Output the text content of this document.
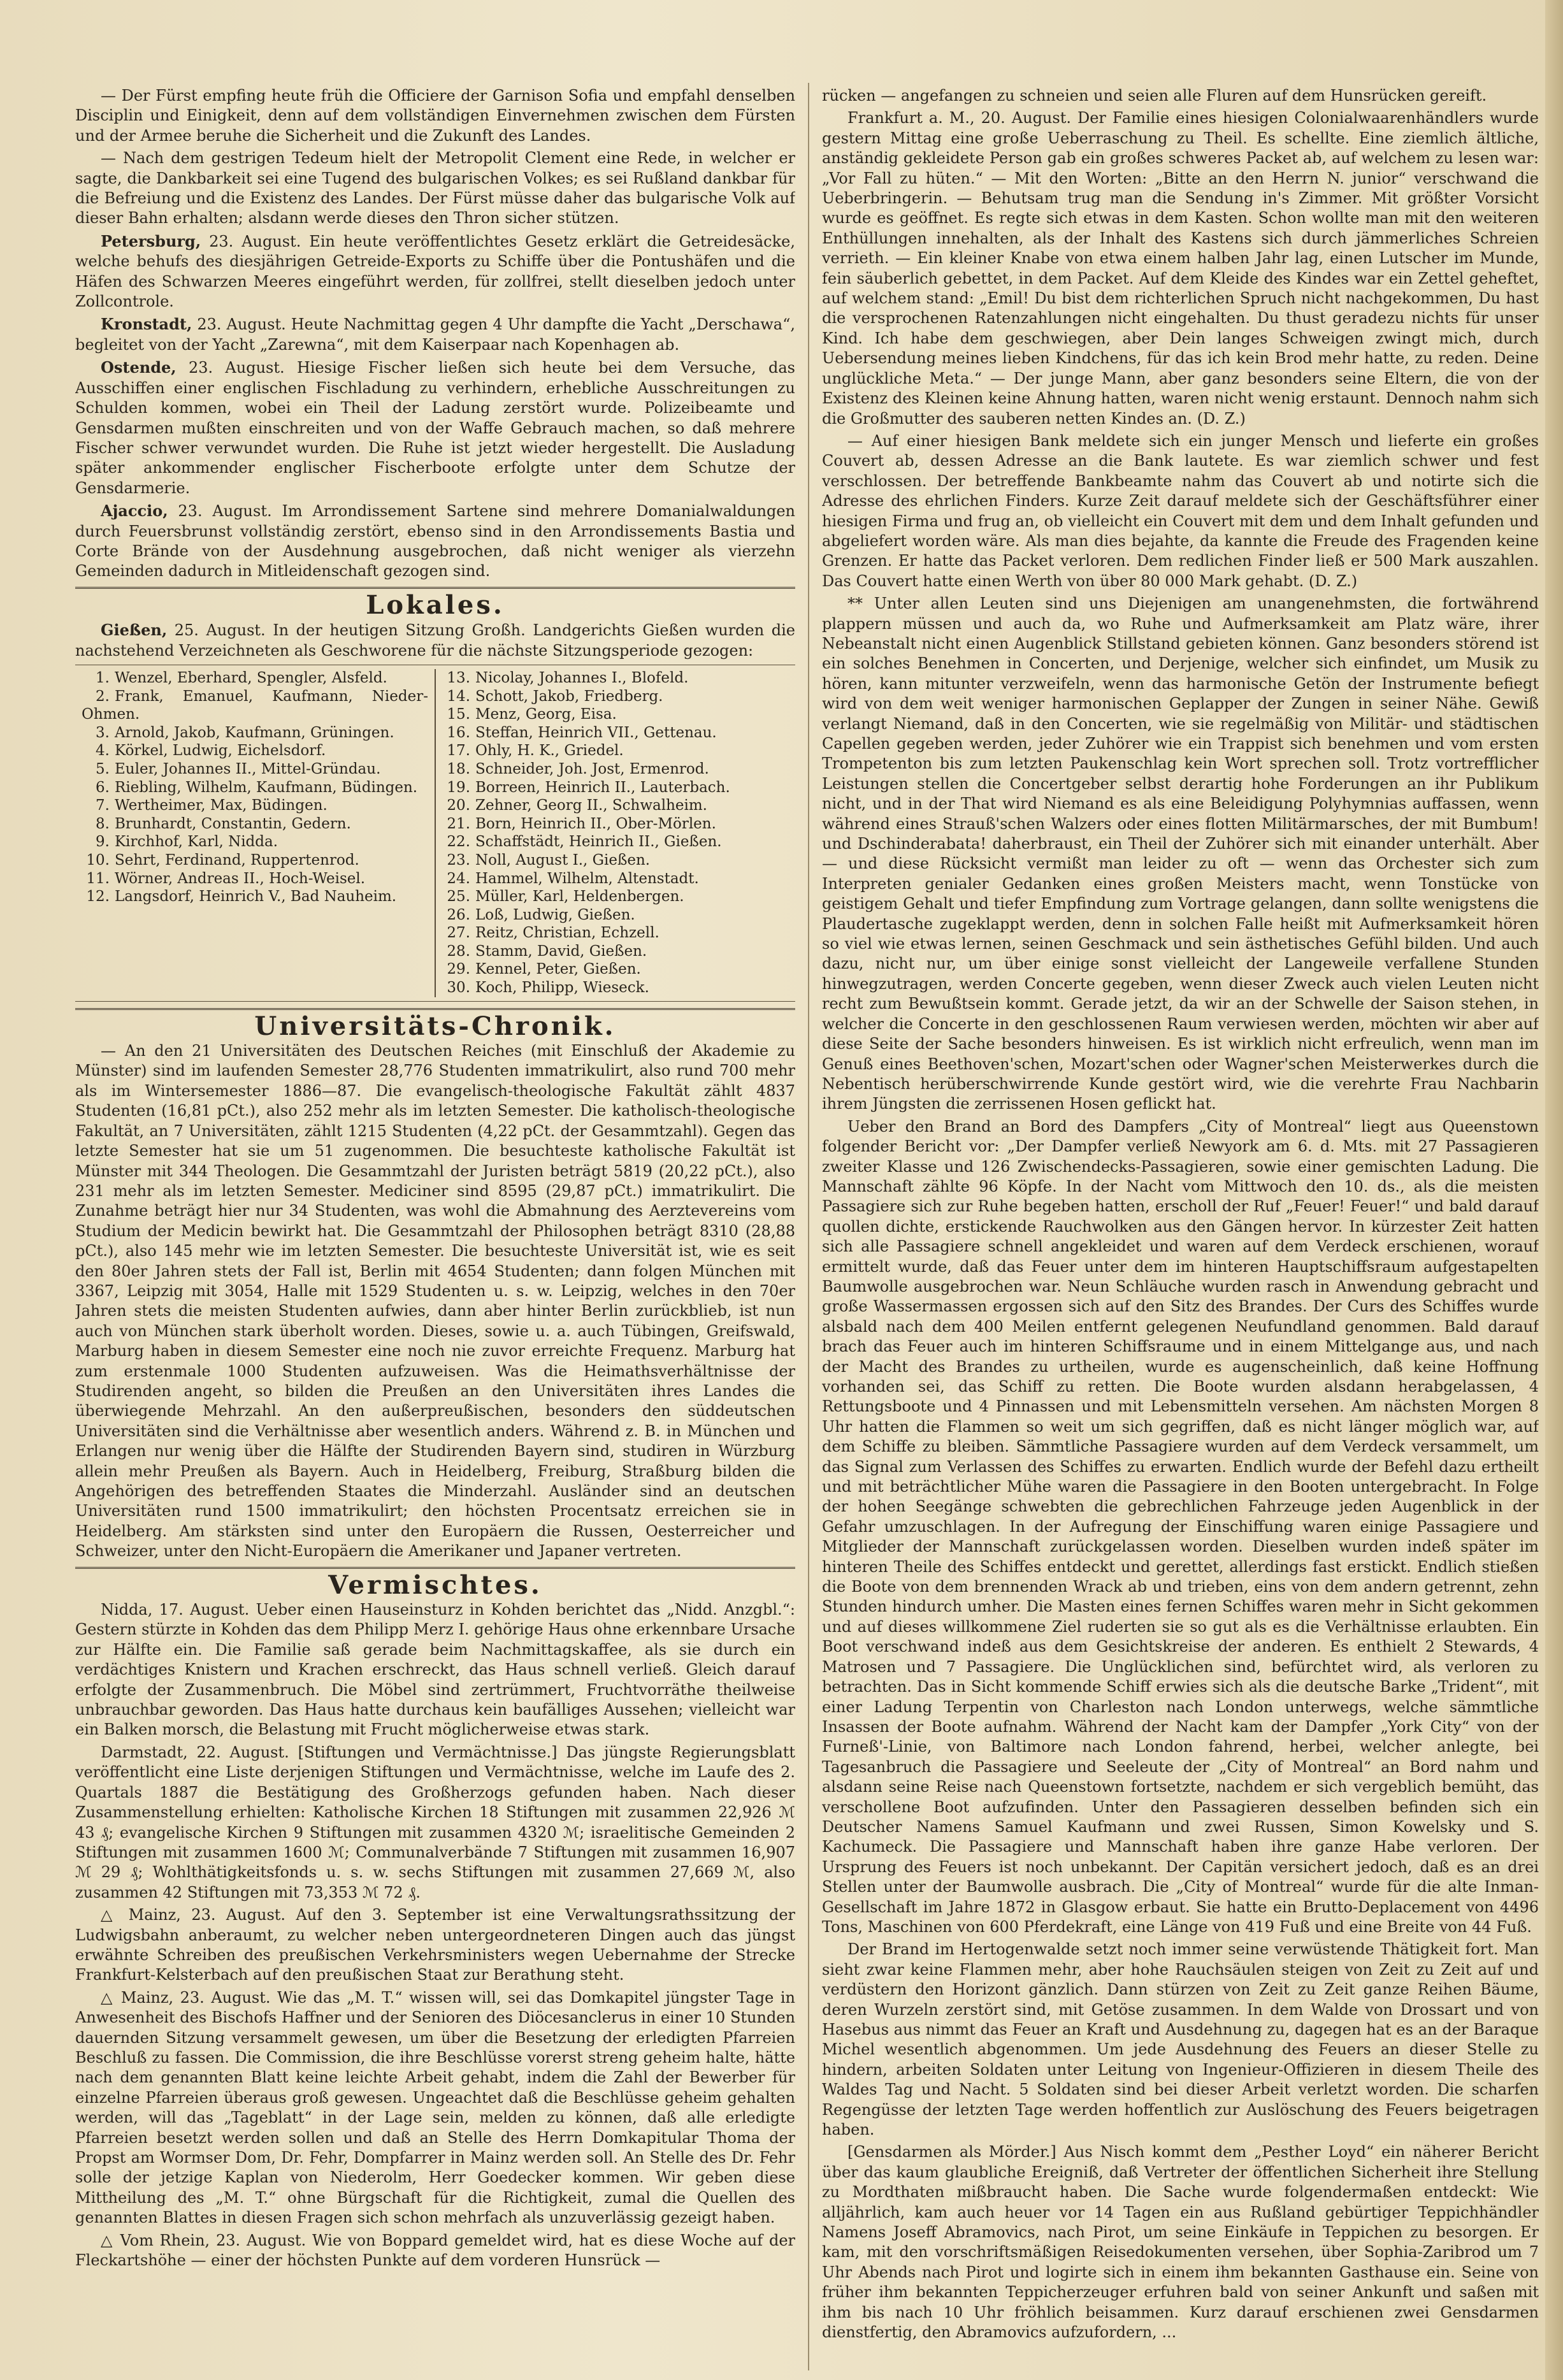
— Der Fürst empfing heute früh die Officiere der Garnison Sofia und empfahl denselben Disciplin und Einigkeit, denn auf dem vollständigen Einvernehmen zwischen dem Fürsten und der Armee beruhe die Sicherheit und die Zukunft des Landes.

— Nach dem gestrigen Tedeum hielt der Metropolit Clement eine Rede, in welcher er sagte, die Dankbarkeit sei eine Tugend des bulgarischen Volkes; es sei Rußland dankbar für die Befreiung und die Existenz des Landes. Der Fürst müsse daher das bulgarische Volk auf dieser Bahn erhalten; alsdann werde dieses den Thron sicher stützen.

Petersburg, 23. August. Ein heute veröffentlichtes Gesetz erklärt die Getreidesäcke, welche behufs des diesjährigen Getreide-Exports zu Schiffe über die Pontushäfen und die Häfen des Schwarzen Meeres eingeführt werden, für zollfrei, stellt dieselben jedoch unter Zollcontrole.

Kronstadt, 23. August. Heute Nachmittag gegen 4 Uhr dampfte die Yacht „Derschawa“, begleitet von der Yacht „Zarewna“, mit dem Kaiserpaar nach Kopenhagen ab.

Ostende, 23. August. Hiesige Fischer ließen sich heute bei dem Versuche, das Ausschiffen einer englischen Fischladung zu verhindern, erhebliche Ausschreitungen zu Schulden kommen, wobei ein Theil der Ladung zerstört wurde. Polizeibeamte und Gensdarmen mußten einschreiten und von der Waffe Gebrauch machen, so daß mehrere Fischer schwer verwundet wurden. Die Ruhe ist jetzt wieder hergestellt. Die Ausladung später ankommender englischer Fischerboote erfolgte unter dem Schutze der Gensdarmerie.

Ajaccio, 23. August. Im Arrondissement Sartene sind mehrere Domanialwaldungen durch Feuersbrunst vollständig zerstört, ebenso sind in den Arrondissements Bastia und Corte Brände von der Ausdehnung ausgebrochen, daß nicht weniger als vierzehn Gemeinden dadurch in Mitleidenschaft gezogen sind.

Lokales.

Gießen, 25. August. In der heutigen Sitzung Großh. Landgerichts Gießen wurden die nachstehend Verzeichneten als Geschworene für die nächste Sitzungsperiode gezogen:

1. Wenzel, Eberhard, Spengler, Alsfeld.
2. Frank, Emanuel, Kaufmann, Nieder-Ohmen.
3. Arnold, Jakob, Kaufmann, Grüningen.
4. Körkel, Ludwig, Eichelsdorf.
5. Euler, Johannes II., Mittel-Gründau.
6. Riebling, Wilhelm, Kaufmann, Büdingen.
7. Wertheimer, Max, Büdingen.
8. Brunhardt, Constantin, Gedern.
9. Kirchhof, Karl, Nidda.
10. Sehrt, Ferdinand, Ruppertenrod.
11. Wörner, Andreas II., Hoch-Weisel.
12. Langsdorf, Heinrich V., Bad Nauheim.
13. Nicolay, Johannes I., Blofeld.
14. Schott, Jakob, Friedberg.
15. Menz, Georg, Eisa.
16. Steffan, Heinrich VII., Gettenau.
17. Ohly, H. K., Griedel.
18. Schneider, Joh. Jost, Ermenrod.
19. Borreen, Heinrich II., Lauterbach.
20. Zehner, Georg II., Schwalheim.
21. Born, Heinrich II., Ober-Mörlen.
22. Schaffstädt, Heinrich II., Gießen.
23. Noll, August I., Gießen.
24. Hammel, Wilhelm, Altenstadt.
25. Müller, Karl, Heldenbergen.
26. Loß, Ludwig, Gießen.
27. Reitz, Christian, Echzell.
28. Stamm, David, Gießen.
29. Kennel, Peter, Gießen.
30. Koch, Philipp, Wieseck.
Universitäts-Chronik.

— An den 21 Universitäten des Deutschen Reiches (mit Einschluß der Akademie zu Münster) sind im laufenden Semester 28,776 Studenten immatrikulirt, also rund 700 mehr als im Wintersemester 1886—87. Die evangelisch-theologische Fakultät zählt 4837 Studenten (16,81 pCt.), also 252 mehr als im letzten Semester. Die katholisch-theologische Fakultät, an 7 Universitäten, zählt 1215 Studenten (4,22 pCt. der Gesammtzahl). Gegen das letzte Semester hat sie um 51 zugenommen. Die besuchteste katholische Fakultät ist Münster mit 344 Theologen. Die Gesammtzahl der Juristen beträgt 5819 (20,22 pCt.), also 231 mehr als im letzten Semester. Mediciner sind 8595 (29,87 pCt.) immatrikulirt. Die Zunahme beträgt hier nur 34 Studenten, was wohl die Abmahnung des Aerztevereins vom Studium der Medicin bewirkt hat. Die Gesammtzahl der Philosophen beträgt 8310 (28,88 pCt.), also 145 mehr wie im letzten Semester. Die besuchteste Universität ist, wie es seit den 80er Jahren stets der Fall ist, Berlin mit 4654 Studenten; dann folgen München mit 3367, Leipzig mit 3054, Halle mit 1529 Studenten u. s. w. Leipzig, welches in den 70er Jahren stets die meisten Studenten aufwies, dann aber hinter Berlin zurückblieb, ist nun auch von München stark überholt worden. Dieses, sowie u. a. auch Tübingen, Greifswald, Marburg haben in diesem Semester eine noch nie zuvor erreichte Frequenz. Marburg hat zum erstenmale 1000 Studenten aufzuweisen. Was die Heimathsverhältnisse der Studirenden angeht, so bilden die Preußen an den Universitäten ihres Landes die überwiegende Mehrzahl. An den außerpreußischen, besonders den süddeutschen Universitäten sind die Verhältnisse aber wesentlich anders. Während z. B. in München und Erlangen nur wenig über die Hälfte der Studirenden Bayern sind, studiren in Würzburg allein mehr Preußen als Bayern. Auch in Heidelberg, Freiburg, Straßburg bilden die Angehörigen des betreffenden Staates die Minderzahl. Ausländer sind an deutschen Universitäten rund 1500 immatrikulirt; den höchsten Procentsatz erreichen sie in Heidelberg. Am stärksten sind unter den Europäern die Russen, Oesterreicher und Schweizer, unter den Nicht-Europäern die Amerikaner und Japaner vertreten.

Vermischtes.

Nidda, 17. August. Ueber einen Hauseinsturz in Kohden berichtet das „Nidd. Anzgbl.“: Gestern stürzte in Kohden das dem Philipp Merz I. gehörige Haus ohne erkennbare Ursache zur Hälfte ein. Die Familie saß gerade beim Nachmittagskaffee, als sie durch ein verdächtiges Knistern und Krachen erschreckt, das Haus schnell verließ. Gleich darauf erfolgte der Zusammenbruch. Die Möbel sind zertrümmert, Fruchtvorräthe theilweise unbrauchbar geworden. Das Haus hatte durchaus kein baufälliges Aussehen; vielleicht war ein Balken morsch, die Belastung mit Frucht möglicherweise etwas stark.

Darmstadt, 22. August. [Stiftungen und Vermächtnisse.] Das jüngste Regierungsblatt veröffentlicht eine Liste derjenigen Stiftungen und Vermächtnisse, welche im Laufe des 2. Quartals 1887 die Bestätigung des Großherzogs gefunden haben. Nach dieser Zusammenstellung erhielten: Katholische Kirchen 18 Stiftungen mit zusammen 22,926 ℳ 43 ₰; evangelische Kirchen 9 Stiftungen mit zusammen 4320 ℳ; israelitische Gemeinden 2 Stiftungen mit zusammen 1600 ℳ; Communalverbände 7 Stiftungen mit zusammen 16,907 ℳ 29 ₰; Wohlthätigkeitsfonds u. s. w. sechs Stiftungen mit zusammen 27,669 ℳ, also zusammen 42 Stiftungen mit 73,353 ℳ 72 ₰.

△ Mainz, 23. August. Auf den 3. September ist eine Verwaltungsrathssitzung der Ludwigsbahn anberaumt, zu welcher neben untergeordneteren Dingen auch das jüngst erwähnte Schreiben des preußischen Verkehrsministers wegen Uebernahme der Strecke Frankfurt-Kelsterbach auf den preußischen Staat zur Berathung steht.

△ Mainz, 23. August. Wie das „M. T.“ wissen will, sei das Domkapitel jüngster Tage in Anwesenheit des Bischofs Haffner und der Senioren des Diöcesanclerus in einer 10 Stunden dauernden Sitzung versammelt gewesen, um über die Besetzung der erledigten Pfarreien Beschluß zu fassen. Die Commission, die ihre Beschlüsse vorerst streng geheim halte, hätte nach dem genannten Blatt keine leichte Arbeit gehabt, indem die Zahl der Bewerber für einzelne Pfarreien überaus groß gewesen. Ungeachtet daß die Beschlüsse geheim gehalten werden, will das „Tageblatt“ in der Lage sein, melden zu können, daß alle erledigte Pfarreien besetzt werden sollen und daß an Stelle des Herrn Domkapitular Thoma der Propst am Wormser Dom, Dr. Fehr, Dompfarrer in Mainz werden soll. An Stelle des Dr. Fehr solle der jetzige Kaplan von Niederolm, Herr Goedecker kommen. Wir geben diese Mittheilung des „M. T.“ ohne Bürgschaft für die Richtigkeit, zumal die Quellen des genannten Blattes in diesen Fragen sich schon mehrfach als unzuverlässig gezeigt haben.

△ Vom Rhein, 23. August. Wie von Boppard gemeldet wird, hat es diese Woche auf der Fleckartshöhe — einer der höchsten Punkte auf dem vorderen Hunsrück —

rücken — angefangen zu schneien und seien alle Fluren auf dem Hunsrücken gereift.

Frankfurt a. M., 20. August. Der Familie eines hiesigen Colonialwaarenhändlers wurde gestern Mittag eine große Ueberraschung zu Theil. Es schellte. Eine ziemlich ältliche, anständig gekleidete Person gab ein großes schweres Packet ab, auf welchem zu lesen war: „Vor Fall zu hüten.“ — Mit den Worten: „Bitte an den Herrn N. junior“ verschwand die Ueberbringerin. — Behutsam trug man die Sendung in's Zimmer. Mit größter Vorsicht wurde es geöffnet. Es regte sich etwas in dem Kasten. Schon wollte man mit den weiteren Enthüllungen innehalten, als der Inhalt des Kastens sich durch jämmerliches Schreien verrieth. — Ein kleiner Knabe von etwa einem halben Jahr lag, einen Lutscher im Munde, fein säuberlich gebettet, in dem Packet. Auf dem Kleide des Kindes war ein Zettel geheftet, auf welchem stand: „Emil! Du bist dem richterlichen Spruch nicht nachgekommen, Du hast die versprochenen Ratenzahlungen nicht eingehalten. Du thust geradezu nichts für unser Kind. Ich habe dem geschwiegen, aber Dein langes Schweigen zwingt mich, durch Uebersendung meines lieben Kindchens, für das ich kein Brod mehr hatte, zu reden. Deine unglückliche Meta.“ — Der junge Mann, aber ganz besonders seine Eltern, die von der Existenz des Kleinen keine Ahnung hatten, waren nicht wenig erstaunt. Dennoch nahm sich die Großmutter des sauberen netten Kindes an. (D. Z.)

— Auf einer hiesigen Bank meldete sich ein junger Mensch und lieferte ein großes Couvert ab, dessen Adresse an die Bank lautete. Es war ziemlich schwer und fest verschlossen. Der betreffende Bankbeamte nahm das Couvert ab und notirte sich die Adresse des ehrlichen Finders. Kurze Zeit darauf meldete sich der Geschäftsführer einer hiesigen Firma und frug an, ob vielleicht ein Couvert mit dem und dem Inhalt gefunden und abgeliefert worden wäre. Als man dies bejahte, da kannte die Freude des Fragenden keine Grenzen. Er hatte das Packet verloren. Dem redlichen Finder ließ er 500 Mark auszahlen. Das Couvert hatte einen Werth von über 80 000 Mark gehabt. (D. Z.)

** Unter allen Leuten sind uns Diejenigen am unangenehmsten, die fortwährend plappern müssen und auch da, wo Ruhe und Aufmerksamkeit am Platz wäre, ihrer Nebeanstalt nicht einen Augenblick Stillstand gebieten können. Ganz besonders störend ist ein solches Benehmen in Concerten, und Derjenige, welcher sich einfindet, um Musik zu hören, kann mitunter verzweifeln, wenn das harmonische Getön der Instrumente befiegt wird von dem weit weniger harmonischen Geplapper der Zungen in seiner Nähe. Gewiß verlangt Niemand, daß in den Concerten, wie sie regelmäßig von Militär- und städtischen Capellen gegeben werden, jeder Zuhörer wie ein Trappist sich benehmen und vom ersten Trompetenton bis zum letzten Paukenschlag kein Wort sprechen soll. Trotz vortrefflicher Leistungen stellen die Concertgeber selbst derartig hohe Forderungen an ihr Publikum nicht, und in der That wird Niemand es als eine Beleidigung Polyhymnias auffassen, wenn während eines Strauß'schen Walzers oder eines flotten Militärmarsches, der mit Bumbum! und Dschinderabata! daherbraust, ein Theil der Zuhörer sich mit einander unterhält. Aber — und diese Rücksicht vermißt man leider zu oft — wenn das Orchester sich zum Interpreten genialer Gedanken eines großen Meisters macht, wenn Tonstücke von geistigem Gehalt und tiefer Empfindung zum Vortrage gelangen, dann sollte wenigstens die Plaudertasche zugeklappt werden, denn in solchen Falle heißt mit Aufmerksamkeit hören so viel wie etwas lernen, seinen Geschmack und sein ästhetisches Gefühl bilden. Und auch dazu, nicht nur, um über einige sonst vielleicht der Langeweile verfallene Stunden hinwegzutragen, werden Concerte gegeben, wenn dieser Zweck auch vielen Leuten nicht recht zum Bewußtsein kommt. Gerade jetzt, da wir an der Schwelle der Saison stehen, in welcher die Concerte in den geschlossenen Raum verwiesen werden, möchten wir aber auf diese Seite der Sache besonders hinweisen. Es ist wirklich nicht erfreulich, wenn man im Genuß eines Beethoven'schen, Mozart'schen oder Wagner'schen Meisterwerkes durch die Nebentisch herüberschwirrende Kunde gestört wird, wie die verehrte Frau Nachbarin ihrem Jüngsten die zerrissenen Hosen geflickt hat.

Ueber den Brand an Bord des Dampfers „City of Montreal“ liegt aus Queenstown folgender Bericht vor: „Der Dampfer verließ Newyork am 6. d. Mts. mit 27 Passagieren zweiter Klasse und 126 Zwischendecks-Passagieren, sowie einer gemischten Ladung. Die Mannschaft zählte 96 Köpfe. In der Nacht vom Mittwoch den 10. ds., als die meisten Passagiere sich zur Ruhe begeben hatten, erscholl der Ruf „Feuer! Feuer!“ und bald darauf quollen dichte, erstickende Rauchwolken aus den Gängen hervor. In kürzester Zeit hatten sich alle Passagiere schnell angekleidet und waren auf dem Verdeck erschienen, worauf ermittelt wurde, daß das Feuer unter dem im hinteren Hauptschiffsraum aufgestapelten Baumwolle ausgebrochen war. Neun Schläuche wurden rasch in Anwendung gebracht und große Wassermassen ergossen sich auf den Sitz des Brandes. Der Curs des Schiffes wurde alsbald nach dem 400 Meilen entfernt gelegenen Neufundland genommen. Bald darauf brach das Feuer auch im hinteren Schiffsraume und in einem Mittelgange aus, und nach der Macht des Brandes zu urtheilen, wurde es augenscheinlich, daß keine Hoffnung vorhanden sei, das Schiff zu retten. Die Boote wurden alsdann herabgelassen, 4 Rettungsboote und 4 Pinnassen und mit Lebensmitteln versehen. Am nächsten Morgen 8 Uhr hatten die Flammen so weit um sich gegriffen, daß es nicht länger möglich war, auf dem Schiffe zu bleiben. Sämmtliche Passagiere wurden auf dem Verdeck versammelt, um das Signal zum Verlassen des Schiffes zu erwarten. Endlich wurde der Befehl dazu ertheilt und mit beträchtlicher Mühe waren die Passagiere in den Booten untergebracht. In Folge der hohen Seegänge schwebten die gebrechlichen Fahrzeuge jeden Augenblick in der Gefahr umzuschlagen. In der Aufregung der Einschiffung waren einige Passagiere und Mitglieder der Mannschaft zurückgelassen worden. Dieselben wurden indeß später im hinteren Theile des Schiffes entdeckt und gerettet, allerdings fast erstickt. Endlich stießen die Boote von dem brennenden Wrack ab und trieben, eins von dem andern getrennt, zehn Stunden hindurch umher. Die Masten eines fernen Schiffes waren mehr in Sicht gekommen und auf dieses willkommene Ziel ruderten sie so gut als es die Verhältnisse erlaubten. Ein Boot verschwand indeß aus dem Gesichtskreise der anderen. Es enthielt 2 Stewards, 4 Matrosen und 7 Passagiere. Die Unglücklichen sind, befürchtet wird, als verloren zu betrachten. Das in Sicht kommende Schiff erwies sich als die deutsche Barke „Trident“, mit einer Ladung Terpentin von Charleston nach London unterwegs, welche sämmtliche Insassen der Boote aufnahm. Während der Nacht kam der Dampfer „York City“ von der Furneß'-Linie, von Baltimore nach London fahrend, herbei, welcher anlegte, bei Tagesanbruch die Passagiere und Seeleute der „City of Montreal“ an Bord nahm und alsdann seine Reise nach Queenstown fortsetzte, nachdem er sich vergeblich bemüht, das verschollene Boot aufzufinden. Unter den Passagieren desselben befinden sich ein Deutscher Namens Samuel Kaufmann und zwei Russen, Simon Kowelsky und S. Kachumeck. Die Passagiere und Mannschaft haben ihre ganze Habe verloren. Der Ursprung des Feuers ist noch unbekannt. Der Capitän versichert jedoch, daß es an drei Stellen unter der Baumwolle ausbrach. Die „City of Montreal“ wurde für die alte Inman-Gesellschaft im Jahre 1872 in Glasgow erbaut. Sie hatte ein Brutto-Deplacement von 4496 Tons, Maschinen von 600 Pferdekraft, eine Länge von 419 Fuß und eine Breite von 44 Fuß.

Der Brand im Hertogenwalde setzt noch immer seine verwüstende Thätigkeit fort. Man sieht zwar keine Flammen mehr, aber hohe Rauchsäulen steigen von Zeit zu Zeit auf und verdüstern den Horizont gänzlich. Dann stürzen von Zeit zu Zeit ganze Reihen Bäume, deren Wurzeln zerstört sind, mit Getöse zusammen. In dem Walde von Drossart und von Hasebus aus nimmt das Feuer an Kraft und Ausdehnung zu, dagegen hat es an der Baraque Michel wesentlich abgenommen. Um jede Ausdehnung des Feuers an dieser Stelle zu hindern, arbeiten Soldaten unter Leitung von Ingenieur-Offizieren in diesem Theile des Waldes Tag und Nacht. 5 Soldaten sind bei dieser Arbeit verletzt worden. Die scharfen Regengüsse der letzten Tage werden hoffentlich zur Auslöschung des Feuers beigetragen haben.

[Gensdarmen als Mörder.] Aus Nisch kommt dem „Pesther Loyd“ ein näherer Bericht über das kaum glaubliche Ereigniß, daß Vertreter der öffentlichen Sicherheit ihre Stellung zu Mordthaten mißbraucht haben. Die Sache wurde folgendermaßen entdeckt: Wie alljährlich, kam auch heuer vor 14 Tagen ein aus Rußland gebürtiger Teppichhändler Namens Joseff Abramovics, nach Pirot, um seine Einkäufe in Teppichen zu besorgen. Er kam, mit den vorschriftsmäßigen Reisedokumenten versehen, über Sophia-Zaribrod um 7 Uhr Abends nach Pirot und logirte sich in einem ihm bekannten Gasthause ein. Seine von früher ihm bekannten Teppicherzeuger erfuhren bald von seiner Ankunft und saßen mit ihm bis nach 10 Uhr fröhlich beisammen. Kurz darauf erschienen zwei Gensdarmen dienstfertig, den Abramovics aufzufordern, ...
